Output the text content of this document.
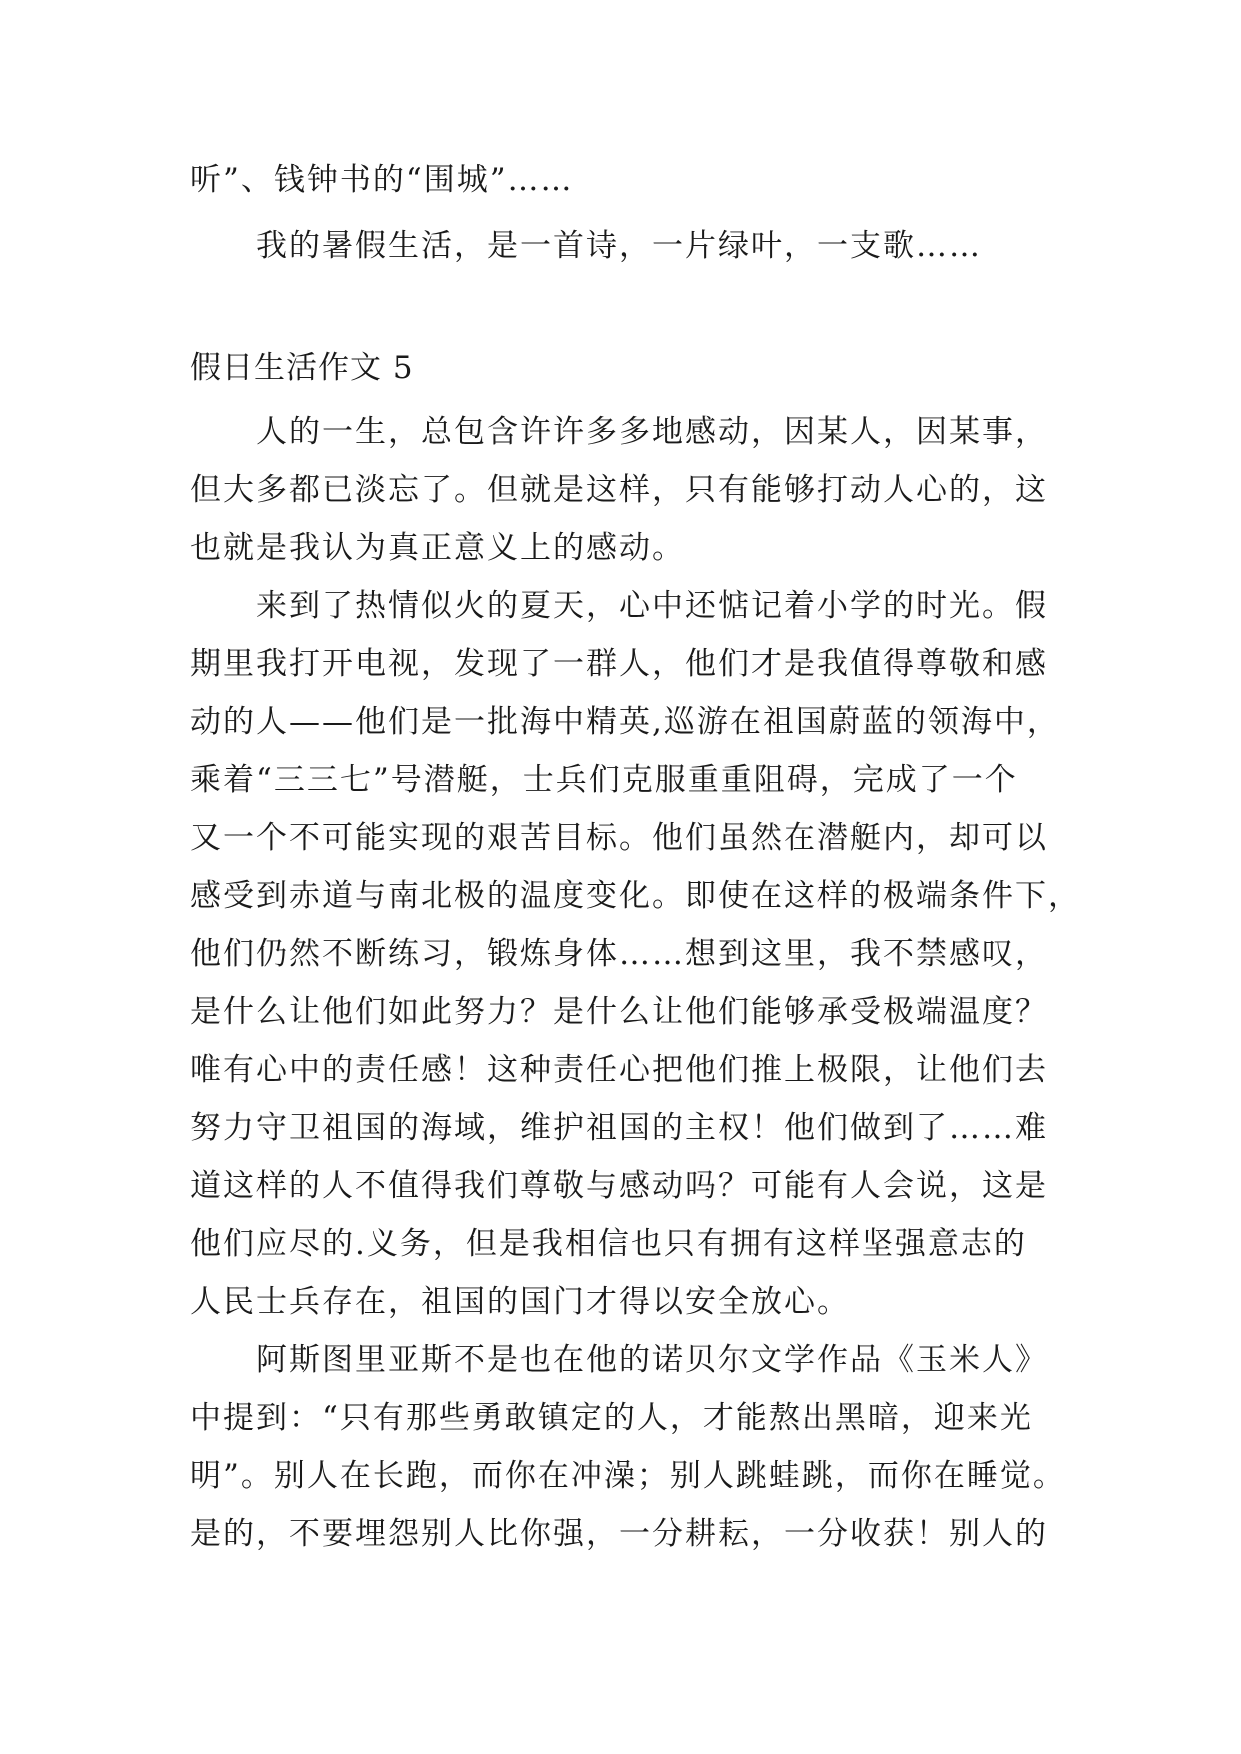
听”、钱钟书的“围城”……
我的暑假生活，是一首诗，一片绿叶，一支歌……
假日生活作文 5
人的一生，总包含许许多多地感动，因某人，因某事，
但大多都已淡忘了。但就是这样，只有能够打动人心的，这
也就是我认为真正意义上的感动。
来到了热情似火的夏天，心中还惦记着小学的时光。假
期里我打开电视，发现了一群人，他们才是我值得尊敬和感
动的人——他们是一批海中精英,巡游在祖国蔚蓝的领海中，
乘着“三三七”号潜艇，士兵们克服重重阻碍，完成了一个
又一个不可能实现的艰苦目标。他们虽然在潜艇内，却可以
感受到赤道与南北极的温度变化。即使在这样的极端条件下，
他们仍然不断练习，锻炼身体……想到这里，我不禁感叹，
是什么让他们如此努力？是什么让他们能够承受极端温度？
唯有心中的责任感！这种责任心把他们推上极限，让他们去
努力守卫祖国的海域，维护祖国的主权！他们做到了……难
道这样的人不值得我们尊敬与感动吗？可能有人会说，这是
他们应尽的.义务，但是我相信也只有拥有这样坚强意志的
人民士兵存在，祖国的国门才得以安全放心。
阿斯图里亚斯不是也在他的诺贝尔文学作品《玉米人》
中提到：“只有那些勇敢镇定的人，才能熬出黑暗，迎来光
明”。别人在长跑，而你在冲澡；别人跳蛙跳，而你在睡觉。
是的，不要埋怨别人比你强，一分耕耘，一分收获！别人的
